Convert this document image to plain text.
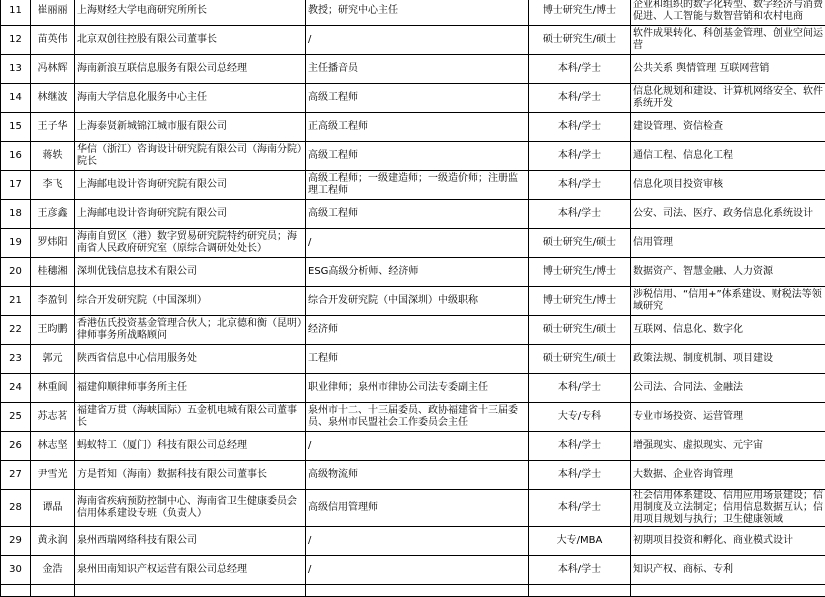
11	崔丽丽	上海财经大学电商研究所所长	教授；研究中心主任	博士研究生/博士	企业和组织的数字化转型、数字经济与消费促进、人工智能与数智营销和农村电商
12	苗英伟	北京双创往控股有限公司董事长	/	硕士研究生/硕士	软件成果转化、科创基金管理、创业空间运营
13	冯林辉	海南新浪互联信息服务有限公司总经理	主任播音员	本科/学士	公共关系 舆情管理 互联网营销
14	林继波	海南大学信息化服务中心主任	高级工程师	本科/学士	信息化规划和建设、计算机网络安全、软件系统开发
15	王子华	上海泰贤新城锦江城市服有限公司	正高级工程师	本科/学士	建设管理、资信检查
16	蒋轶	华信（浙江）咨询设计研究院有限公司（海南分院）院长	高级工程师	本科/学士	通信工程、信息化工程
17	李飞	上海邮电设计咨询研究院有限公司	高级工程师；一级建造师；一级造价师；注册监理工程师	本科/学士	信息化项目投资审核
18	王彦鑫	上海邮电设计咨询研究院有限公司	高级工程师	本科/学士	公安、司法、医疗、政务信息化系统设计
19	罗炜阳	海南自贸区（港）数字贸易研究院特约研究员；海南省人民政府研究室（原综合调研处处长）	/	硕士研究生/硕士	信用管理
20	桂穗湘	深圳优钱信息技术有限公司	ESG高级分析师、经济师	博士研究生/博士	数据资产、智慧金融、人力资源
21	李盈钊	综合开发研究院（中国深圳）	综合开发研究院（中国深圳）中级职称	博士研究生/博士	涉税信用、“信用+”体系建设、财税法等领域研究
22	王昀鹏	香港伍氏投资基金管理合伙人；北京德和衡（昆明）律师事务所战略顾问	经济师	硕士研究生/硕士	互联网、信息化、数字化
23	郭元	陕西省信息中心信用服务处	工程师	硕士研究生/硕士	政策法规、制度机制、项目建设
24	林重阆	福建仰顺律师事务所主任	职业律师；泉州市律协公司法专委副主任	本科/学士	公司法、合同法、金融法
25	苏志茗	福建省万贯（海峡国际）五金机电城有限公司董事长	泉州市十二、十三届委员、政协福建省十三届委员、泉州市民盟社会工作委员会主任	大专/专科	专业市场投资、运营管理
26	林志坚	蚂蚁特工（厦门）科技有限公司总经理	/	本科/学士	增强现实、虚拟现实、元宇宙
27	尹雪光	方是哲知（海南）数据科技有限公司董事长	高级物流师	本科/学士	大数据、企业咨询管理
28	谭晶	海南省疾病预防控制中心、海南省卫生健康委员会信用体系建设专班（负责人）	高级信用管理师	本科/学士	社会信用体系建设、信用应用场景建设；信用制度及立法制定；信用信息数据互认；信用项目规划与执行；卫生健康领域
29	黄永润	泉州西瑞网络科技有限公司	/	大专/MBA	初期项目投资和孵化、商业模式设计
30	金浩	泉州田南知识产权运营有限公司总经理	/	本科/学士	知识产权、商标、专利
